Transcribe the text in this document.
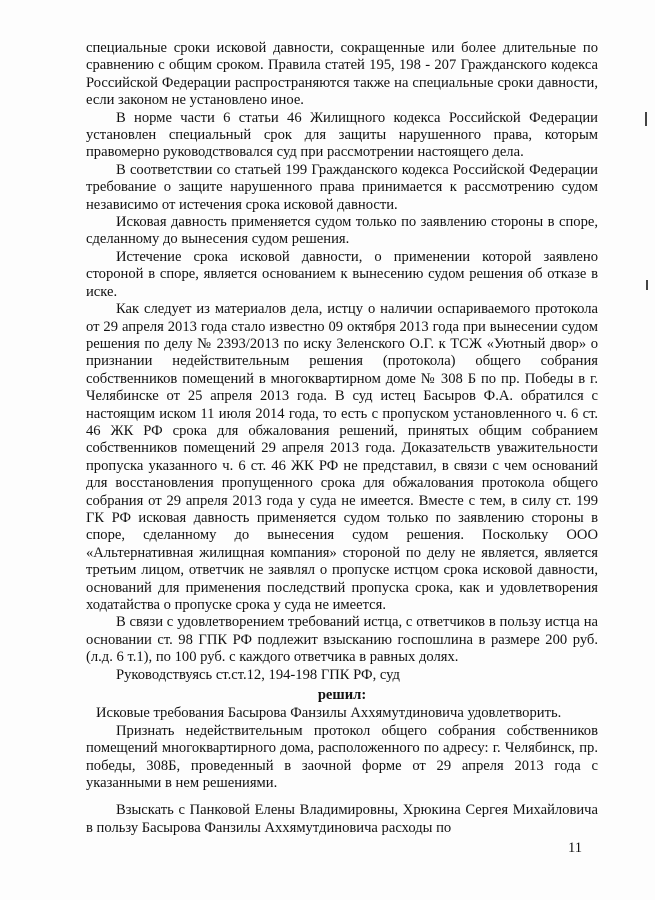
специальные сроки исковой давности, сокращенные или более длительные по сравнению с общим сроком. Правила статей 195, 198 - 207 Гражданского кодекса Российской Федерации распространяются также на специальные сроки давности, если законом не установлено иное.

В норме части 6 статьи 46 Жилищного кодекса Российской Федерации установлен специальный срок для защиты нарушенного права, которым правомерно руководствовался суд при рассмотрении настоящего дела.

В соответствии со статьей 199 Гражданского кодекса Российской Федерации требование о защите нарушенного права принимается к рассмотрению судом независимо от истечения срока исковой давности.

Исковая давность применяется судом только по заявлению стороны в споре, сделанному до вынесения судом решения.

Истечение срока исковой давности, о применении которой заявлено стороной в споре, является основанием к вынесению судом решения об отказе в иске.

Как следует из материалов дела, истцу о наличии оспариваемого протокола от 29 апреля 2013 года стало известно 09 октября 2013 года при вынесении судом решения по делу № 2393/2013 по иску Зеленского О.Г. к ТСЖ «Уютный двор» о признании недействительным решения (протокола) общего собрания собственников помещений в многоквартирном доме № 308 Б по пр. Победы в г. Челябинске от 25 апреля 2013 года. В суд истец Басыров Ф.А. обратился с настоящим иском 11 июля 2014 года, то есть с пропуском установленного ч. 6 ст. 46 ЖК РФ срока для обжалования решений, принятых общим собранием собственников помещений 29 апреля 2013 года. Доказательств уважительности пропуска указанного ч. 6 ст. 46 ЖК РФ не представил, в связи с чем оснований для восстановления пропущенного срока для обжалования протокола общего собрания от 29 апреля 2013 года у суда не имеется. Вместе с тем, в силу ст. 199 ГК РФ исковая давность применяется судом только по заявлению стороны в споре, сделанному до вынесения судом решения. Поскольку ООО «Альтернативная жилищная компания» стороной по делу не является, является третьим лицом, ответчик не заявлял о пропуске истцом срока исковой давности, оснований для применения последствий пропуска срока, как и удовлетворения ходатайства о пропуске срока у суда не имеется.

В связи с удовлетворением требований истца, с ответчиков в пользу истца на основании ст. 98 ГПК РФ подлежит взысканию госпошлина в размере 200 руб. (л.д. 6 т.1), по 100 руб. с каждого ответчика в равных долях.

Руководствуясь ст.ст.12, 194-198 ГПК РФ, суд

решил:

Исковые требования Басырова Фанзилы Аххямутдиновича удовлетворить.

Признать недействительным протокол общего собрания собственников помещений многоквартирного дома, расположенного по адресу: г. Челябинск, пр. победы, 308Б, проведенный в заочной форме от 29 апреля 2013 года с указанными в нем решениями.

Взыскать с Панковой Елены Владимировны, Хрюкина Сергея Михайловича в пользу Басырова Фанзилы Аххямутдиновича расходы по

11
